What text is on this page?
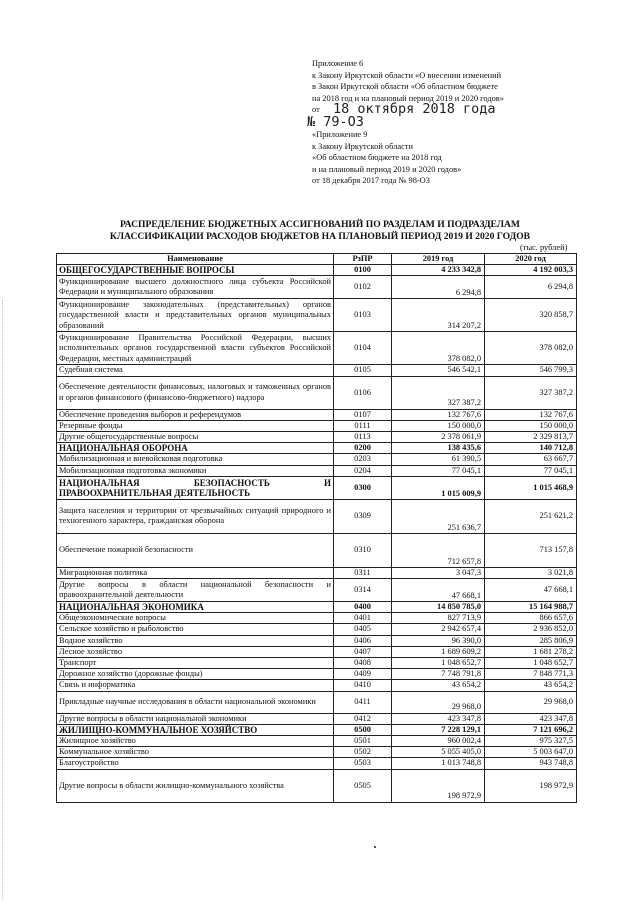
Приложение 6
к Закону Иркутской области «О внесении изменений
в Закон Иркутской области «Об областном бюджете
на 2018 год и на плановый период 2019 и 2020 годов»
от
«Приложение 9
к Закону Иркутской области
«Об областном бюджете на 2018 год
и на плановый период 2019 и 2020 годов»
от 18 декабря 2017 года № 98-ОЗ
18 октября 2018 года
№ 79-ОЗ
РАСПРЕДЕЛЕНИЕ БЮДЖЕТНЫХ АССИГНОВАНИЙ ПО РАЗДЕЛАМ И ПОДРАЗДЕЛАМ
КЛАССИФИКАЦИИ РАСХОДОВ БЮДЖЕТОВ НА ПЛАНОВЫЙ ПЕРИОД 2019 И 2020 ГОДОВ
(тыс. рублей)
Наименование	РзПР	2019 год	2020 год
ОБЩЕГОСУДАРСТВЕННЫЕ ВОПРОСЫ	0100	4 233 342,8	4 192 003,3
Функционирование высшего должностного лица субъекта Российской Федерации и муниципального образования	0102	6 294,8	6 294,8
Функционирование законодательных (представительных) органов государственной власти и представительных органов муниципальных образований	0103	314 207,2	320 858,7
Функционирование Правительства Российской Федерации, высших исполнительных органов государственной власти субъектов Российской Федерации, местных администраций	0104	378 082,0	378 082,0
Судебная система	0105	546 542,1	546 799,3
Обеспечение деятельности финансовых, налоговых и таможенных органов и органов финансового (финансово-бюджетного) надзора	0106	327 387,2	327 387,2
Обеспечение проведения выборов и референдумов	0107	132 767,6	132 767,6
Резервные фонды	0111	150 000,0	150 000,0
Другие общегосударственные вопросы	0113	2 378 061,9	2 329 813,7
НАЦИОНАЛЬНАЯ ОБОРОНА	0200	138 435,6	140 712,8
Мобилизационная и вневойсковая подготовка	0203	61 390,5	63 667,7
Мобилизационная подготовка экономики	0204	77 045,1	77 045,1
НАЦИОНАЛЬНАЯ БЕЗОПАСНОСТЬ И ПРАВООХРАНИТЕЛЬНАЯ ДЕЯТЕЛЬНОСТЬ	0300	1 015 009,9	1 015 468,9
Защита населения и территории от чрезвычайных ситуаций природного и техногенного характера, гражданская оборона	0309	251 636,7	251 621,2
Обеспечение пожарной безопасности	0310	712 657,8	713 157,8
Миграционная политика	0311	3 047,3	3 021,8
Другие вопросы в области национальной безопасности и правоохранительной деятельности	0314	47 668,1	47 668,1
НАЦИОНАЛЬНАЯ ЭКОНОМИКА	0400	14 850 785,0	15 164 988,7
Общеэкономические вопросы	0401	827 713,9	866 657,6
Сельское хозяйство и рыболовство	0405	2 942 657,4	2 936 852,0
Водное хозяйство	0406	96 390,0	285 806,9
Лесное хозяйство	0407	1 689 609,2	1 681 278,2
Транспорт	0408	1 048 652,7	1 048 652,7
Дорожное хозяйство (дорожные фонды)	0409	7 748 791,8	7 848 771,3
Связь и информатика	0410	43 654,2	43 654,2
Прикладные научные исследования в области национальной экономики	0411	29 968,0	29 968,0
Другие вопросы в области национальной экономики	0412	423 347,8	423 347,8
ЖИЛИЩНО-КОММУНАЛЬНОЕ ХОЗЯЙСТВО	0500	7 228 129,1	7 121 696,2
Жилищное хозяйство	0501	960 002,4	975 327,5
Коммунальное хозяйство	0502	5 055 405,0	5 003 647,0
Благоустройство	0503	1 013 748,8	943 748,8
Другие вопросы в области жилищно-коммунального хозяйства	0505	198 972,9	198 972,9
